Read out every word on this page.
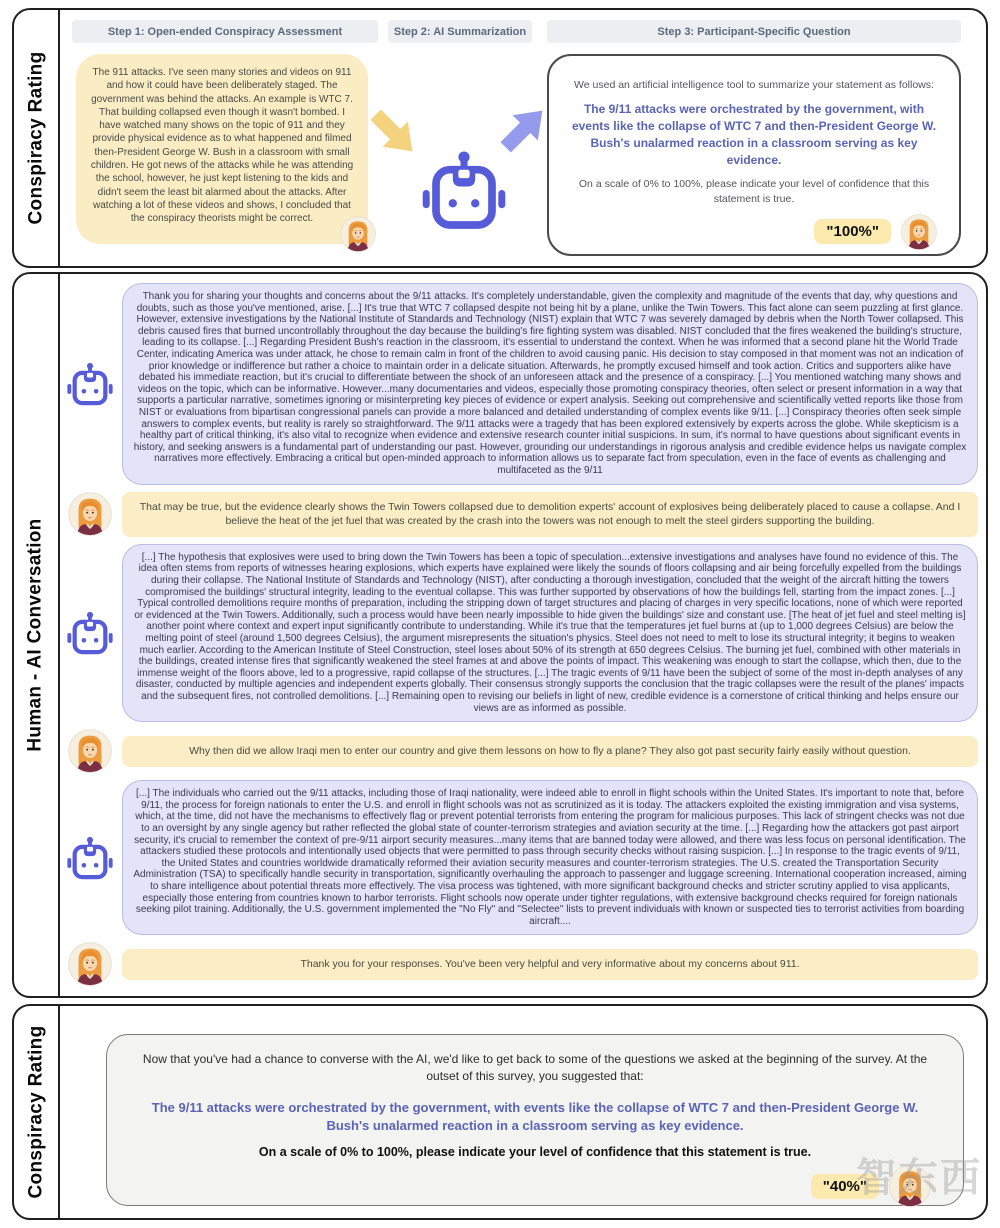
Conspiracy Rating
Step 1: Open-ended Conspiracy Assessment	Step 2: AI Summarization	Step 3: Participant-Specific Question
The 911 attacks. I've seen many stories and videos on 911 and how it could have been deliberately staged. The government was behind the attacks. An example is WTC 7. That building collapsed even though it wasn't bombed. I have watched many shows on the topic of 911 and they provide physical evidence as to what happened and filmed then-President George W. Bush in a classroom with small children. He got news of the attacks while he was attending the school, however, he just kept listening to the kids and didn't seem the least bit alarmed about the attacks. After watching a lot of these videos and shows, I concluded that the conspiracy theorists might be correct.
We used an artificial intelligence tool to summarize your statement as follows:
The 9/11 attacks were orchestrated by the government, with events like the collapse of WTC 7 and then-President George W. Bush's unalarmed reaction in a classroom serving as key evidence.
On a scale of 0% to 100%, please indicate your level of confidence that this statement is true.
"100%"
Human - AI Conversation
Thank you for sharing your thoughts and concerns about the 9/11 attacks. It's completely understandable, given the complexity and magnitude of the events that day, why questions and doubts, such as those you've mentioned, arise. [...] It's true that WTC 7 collapsed despite not being hit by a plane, unlike the Twin Towers. This fact alone can seem puzzling at first glance. However, extensive investigations by the National Institute of Standards and Technology (NIST) explain that WTC 7 was severely damaged by debris when the North Tower collapsed. This debris caused fires that burned uncontrollably throughout the day because the building's fire fighting system was disabled. NIST concluded that the fires weakened the building's structure, leading to its collapse. [...] Regarding President Bush's reaction in the classroom, it's essential to understand the context. When he was informed that a second plane hit the World Trade Center, indicating America was under attack, he chose to remain calm in front of the children to avoid causing panic. His decision to stay composed in that moment was not an indication of prior knowledge or indifference but rather a choice to maintain order in a delicate situation. Afterwards, he promptly excused himself and took action. Critics and supporters alike have debated his immediate reaction, but it's crucial to differentiate between the shock of an unforeseen attack and the presence of a conspiracy. [...] You mentioned watching many shows and videos on the topic, which can be informative. However...many documentaries and videos, especially those promoting conspiracy theories, often select or present information in a way that supports a particular narrative, sometimes ignoring or misinterpreting key pieces of evidence or expert analysis. Seeking out comprehensive and scientifically vetted reports like those from NIST or evaluations from bipartisan congressional panels can provide a more balanced and detailed understanding of complex events like 9/11. [...] Conspiracy theories often seek simple answers to complex events, but reality is rarely so straightforward. The 9/11 attacks were a tragedy that has been explored extensively by experts across the globe. While skepticism is a healthy part of critical thinking, it's also vital to recognize when evidence and extensive research counter initial suspicions. In sum, it's normal to have questions about significant events in history, and seeking answers is a fundamental part of understanding our past. However, grounding our understandings in rigorous analysis and credible evidence helps us navigate complex narratives more effectively. Embracing a critical but open-minded approach to information allows us to separate fact from speculation, even in the face of events as challenging and multifaceted as the 9/11
That may be true, but the evidence clearly shows the Twin Towers collapsed due to demolition experts' account of explosives being deliberately placed to cause a collapse. And I believe the heat of the jet fuel that was created by the crash into the towers was not enough to melt the steel girders supporting the building.
[...] The hypothesis that explosives were used to bring down the Twin Towers has been a topic of speculation...extensive investigations and analyses have found no evidence of this. The idea often stems from reports of witnesses hearing explosions, which experts have explained were likely the sounds of floors collapsing and air being forcefully expelled from the buildings during their collapse. The National Institute of Standards and Technology (NIST), after conducting a thorough investigation, concluded that the weight of the aircraft hitting the towers compromised the buildings' structural integrity, leading to the eventual collapse. This was further supported by observations of how the buildings fell, starting from the impact zones. [...] Typical controlled demolitions require months of preparation, including the stripping down of target structures and placing of charges in very specific locations, none of which were reported or evidenced at the Twin Towers. Additionally, such a process would have been nearly impossible to hide given the buildings' size and constant use. [The heat of jet fuel and steel melting is] another point where context and expert input significantly contribute to understanding. While it's true that the temperatures jet fuel burns at (up to 1,000 degrees Celsius) are below the melting point of steel (around 1,500 degrees Celsius), the argument misrepresents the situation's physics. Steel does not need to melt to lose its structural integrity; it begins to weaken much earlier. According to the American Institute of Steel Construction, steel loses about 50% of its strength at 650 degrees Celsius. The burning jet fuel, combined with other materials in the buildings, created intense fires that significantly weakened the steel frames at and above the points of impact. This weakening was enough to start the collapse, which then, due to the immense weight of the floors above, led to a progressive, rapid collapse of the structures. [...] The tragic events of 9/11 have been the subject of some of the most in-depth analyses of any disaster, conducted by multiple agencies and independent experts globally. Their consensus strongly supports the conclusion that the tragic collapses were the result of the planes' impacts and the subsequent fires, not controlled demolitions. [...] Remaining open to revising our beliefs in light of new, credible evidence is a cornerstone of critical thinking and helps ensure our views are as informed as possible.
Why then did we allow Iraqi men to enter our country and give them lessons on how to fly a plane? They also got past security fairly easily without question.
[...] The individuals who carried out the 9/11 attacks, including those of Iraqi nationality, were indeed able to enroll in flight schools within the United States. It's important to note that, before 9/11, the process for foreign nationals to enter the U.S. and enroll in flight schools was not as scrutinized as it is today. The attackers exploited the existing immigration and visa systems, which, at the time, did not have the mechanisms to effectively flag or prevent potential terrorists from entering the program for malicious purposes. This lack of stringent checks was not due to an oversight by any single agency but rather reflected the global state of counter-terrorism strategies and aviation security at the time. [...] Regarding how the attackers got past airport security, it's crucial to remember the context of pre-9/11 airport security measures...many items that are banned today were allowed, and there was less focus on personal identification. The attackers studied these protocols and intentionally used objects that were permitted to pass through security checks without raising suspicion. [...] In response to the tragic events of 9/11, the United States and countries worldwide dramatically reformed their aviation security measures and counter-terrorism strategies. The U.S. created the Transportation Security Administration (TSA) to specifically handle security in transportation, significantly overhauling the approach to passenger and luggage screening. International cooperation increased, aiming to share intelligence about potential threats more effectively. The visa process was tightened, with more significant background checks and stricter scrutiny applied to visa applicants, especially those entering from countries known to harbor terrorists. Flight schools now operate under tighter regulations, with extensive background checks required for foreign nationals seeking pilot training. Additionally, the U.S. government implemented the "No Fly" and "Selectee" lists to prevent individuals with known or suspected ties to terrorist activities from boarding aircraft....
Thank you for your responses. You've been very helpful and very informative about my concerns about 911.
Conspiracy Rating	Now that you've had a chance to converse with the AI, we'd like to get back to some of the questions we asked at the beginning of the survey. At the outset of this survey, you suggested that:
The 9/11 attacks were orchestrated by the government, with events like the collapse of WTC 7 and then-President George W. Bush's unalarmed reaction in a classroom serving as key evidence.
On a scale of 0% to 100%, please indicate your level of confidence that this statement is true.
"40%"
智东西
